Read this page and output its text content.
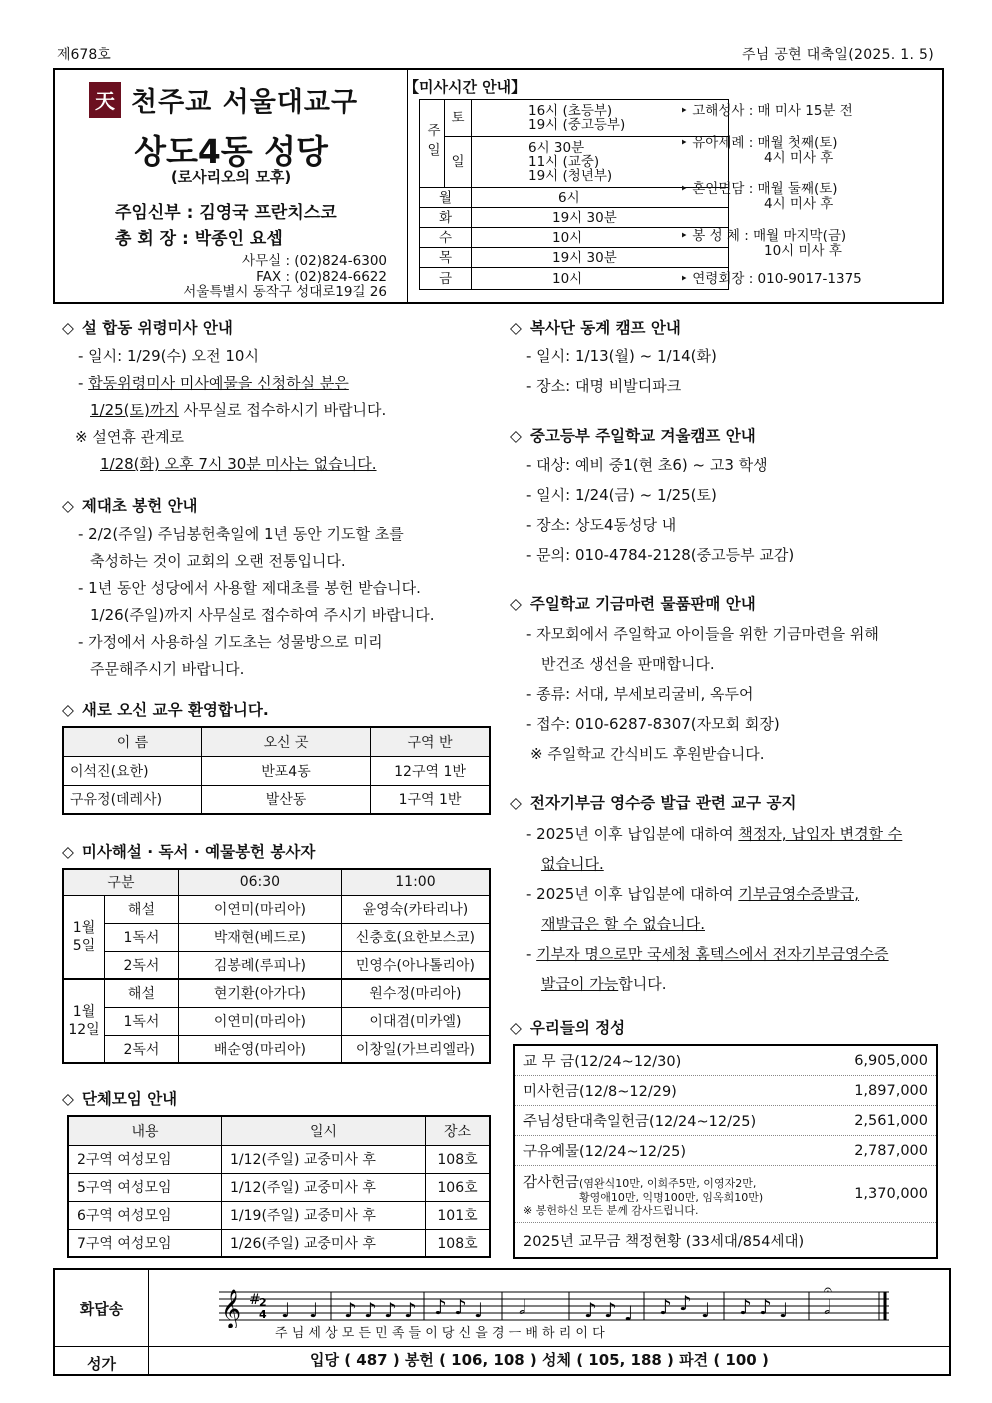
제678호	주님 공현 대축일(2025. 1. 5)
天 천주교 서울대교구
상도4동 성당
(로사리오의 모후)
주임신부 : 김영국 프란치스코
총 회 장 : 박종인 요셉
사무실 : (02)824-6300
FAX : (02)824-6622
서울특별시 동작구 성대로19길 26
【미사시간 안내】
주일	토	16시 (초등부)
19시 (중고등부)

	일	6시 30분
11시 (교중)
19시 (청년부)

월		6시
화		19시 30분
수		10시
목		19시 30분
금		10시
‣ 고해성사 : 매 미사 15분 전
‣ 유아세례 : 매월 첫째(토)
4시 미사 후
‣ 혼인면담 : 매월 둘째(토)
4시 미사 후
‣ 봉 성 체 : 매월 마지막(금)
10시 미사 후
‣ 연령회장 : 010-9017-1375
◇ 설 합동 위령미사 안내
- 일시: 1/29(수) 오전 10시
- 합동위령미사 미사예물을 신청하실 분은
1/25(토)까지 사무실로 접수하시기 바랍니다.
※ 설연휴 관계로
1/28(화) 오후 7시 30분 미사는 없습니다.
◇ 제대초 봉헌 안내
- 2/2(주일) 주님봉헌축일에 1년 동안 기도할 초를
축성하는 것이 교회의 오랜 전통입니다.
- 1년 동안 성당에서 사용할 제대초를 봉헌 받습니다.
1/26(주일)까지 사무실로 접수하여 주시기 바랍니다.
- 가정에서 사용하실 기도초는 성물방으로 미리
주문해주시기 바랍니다.
◇ 새로 오신 교우 환영합니다.
이 름	오신 곳	구역 반
이석진(요한)	반포4동	12구역 1반
구유정(데레사)	발산동	1구역 1반
◇ 미사해설 · 독서 · 예물봉헌 봉사자
구분		06:30	11:00
1월
5일	해설	이연미(마리아)	윤영숙(카타리나)
	1독서	박재현(베드로)	신충호(요한보스코)
	2독서	김봉례(루피나)	민영수(아나톨리아)
1월
12일	해설	현기환(아가다)	원수정(마리아)
	1독서	이연미(마리아)	이대겸(미카엘)
	2독서	배순영(마리아)	이창일(가브리엘라)
◇ 단체모임 안내
내용	일시	장소
2구역 여성모임	1/12(주일) 교중미사 후	108호
5구역 여성모임	1/12(주일) 교중미사 후	106호
6구역 여성모임	1/19(주일) 교중미사 후	101호
7구역 여성모임	1/26(주일) 교중미사 후	108호
◇ 복사단 동계 캠프 안내
- 일시: 1/13(월) ~ 1/14(화)
- 장소: 대명 비발디파크
◇ 중고등부 주일학교 겨울캠프 안내
- 대상: 예비 중1(현 초6) ~ 고3 학생
- 일시: 1/24(금) ~ 1/25(토)
- 장소: 상도4동성당 내
- 문의: 010-4784-2128(중고등부 교감)
◇ 주일학교 기금마련 물품판매 안내
- 자모회에서 주일학교 아이들을 위한 기금마련을 위해
반건조 생선을 판매합니다.
- 종류: 서대, 부세보리굴비, 옥두어
- 접수: 010-6287-8307(자모회 회장)
※ 주일학교 간식비도 후원받습니다.
◇ 전자기부금 영수증 발급 관련 교구 공지
- 2025년 이후 납입분에 대하여 책정자, 납입자 변경할 수
없습니다.
- 2025년 이후 납입분에 대하여 기부금영수증발급,
재발급은 할 수 없습니다.
- 기부자 명으로만 국세청 홈텍스에서 전자기부금영수증
발급이 가능합니다.
◇ 우리들의 정성
교 무 금(12/24~12/30)	6,905,000
미사헌금(12/8~12/29)	1,897,000
주님성탄대축일헌금(12/24~12/25)	2,561,000
구유예물(12/24~12/25)	2,787,000
감사헌금(염완식10만, 이희주5만, 이영자2만,
황영애10만, 익명100만, 임옥희10만)
※ 봉헌하신 모든 분께 감사드립니다.
1,370,000
2025년 교무금 책정현황 (33세대/854세대)
화답송
성가
𝄞 #
2
4 ♩ ♩ ♪ ♪ ♪ ♪ ♪ ♪ ♩ 𝅗𝅥	♪ ♪ ♩ ♪ ♪ ♩ ♪ ♪ ♩ 𝅗𝅥
𝄐
주 님 세 상 모 든 민 족 들 이 당 신 을 경 ㅡ 배 하 리 이 다
입당 ( 487 ) 봉헌 ( 106, 108 ) 성체 ( 105, 188 ) 파견 ( 100 )
